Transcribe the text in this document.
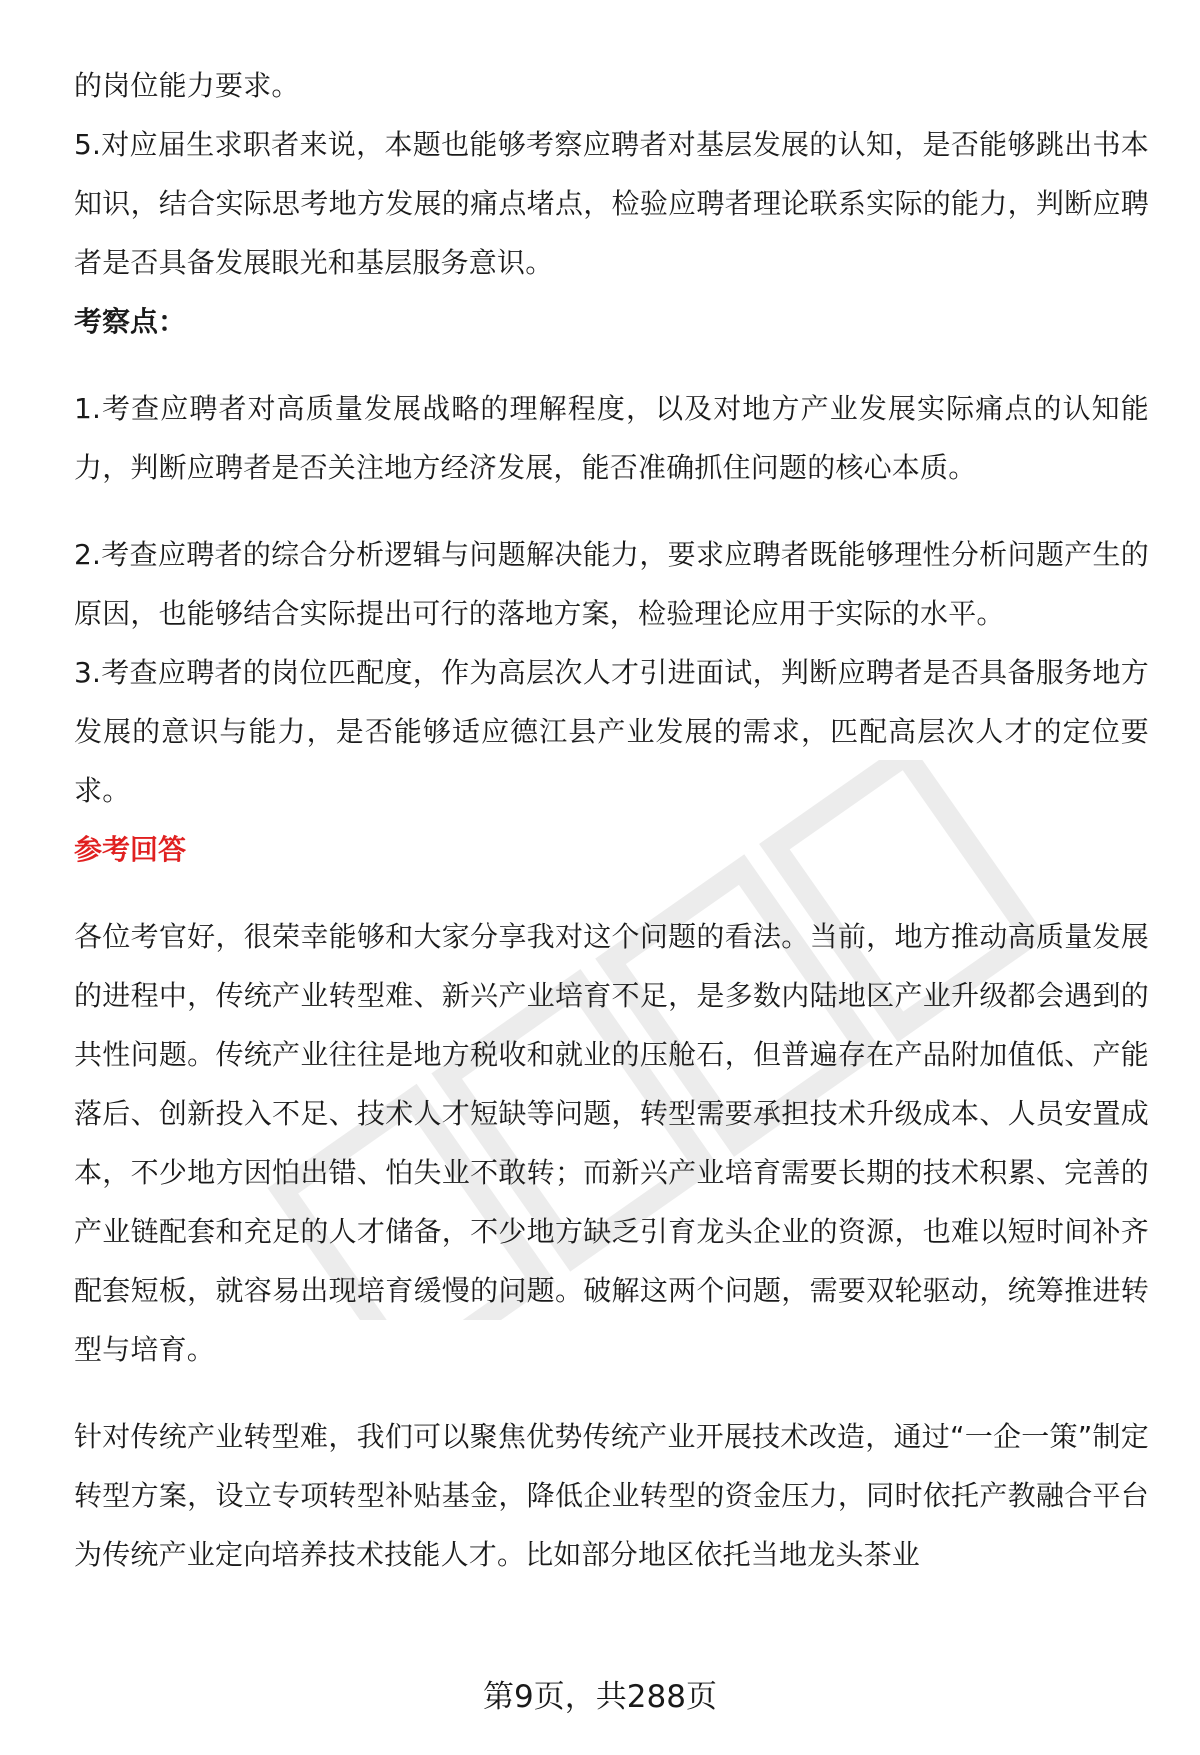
的岗位能力要求。

5.对应届生求职者来说，本题也能够考察应聘者对基层发展的认知，是否能够跳出书本知识，结合实际思考地方发展的痛点堵点，检验应聘者理论联系实际的能力，判断应聘者是否具备发展眼光和基层服务意识。

考察点：

1.考查应聘者对高质量发展战略的理解程度，以及对地方产业发展实际痛点的认知能力，判断应聘者是否关注地方经济发展，能否准确抓住问题的核心本质。

2.考查应聘者的综合分析逻辑与问题解决能力，要求应聘者既能够理性分析问题产生的原因，也能够结合实际提出可行的落地方案，检验理论应用于实际的水平。

3.考查应聘者的岗位匹配度，作为高层次人才引进面试，判断应聘者是否具备服务地方发展的意识与能力，是否能够适应德江县产业发展的需求，匹配高层次人才的定位要求。

参考回答

各位考官好，很荣幸能够和大家分享我对这个问题的看法。当前，地方推动高质量发展的进程中，传统产业转型难、新兴产业培育不足，是多数内陆地区产业升级都会遇到的共性问题。传统产业往往是地方税收和就业的压舱石，但普遍存在产品附加值低、产能落后、创新投入不足、技术人才短缺等问题，转型需要承担技术升级成本、人员安置成本，不少地方因怕出错、怕失业不敢转；而新兴产业培育需要长期的技术积累、完善的产业链配套和充足的人才储备，不少地方缺乏引育龙头企业的资源，也难以短时间补齐配套短板，就容易出现培育缓慢的问题。破解这两个问题，需要双轮驱动，统筹推进转型与培育。

针对传统产业转型难，我们可以聚焦优势传统产业开展技术改造，通过“一企一策”制定转型方案，设立专项转型补贴基金，降低企业转型的资金压力，同时依托产教融合平台为传统产业定向培养技术技能人才。比如部分地区依托当地龙头茶业

第9页，共288页
